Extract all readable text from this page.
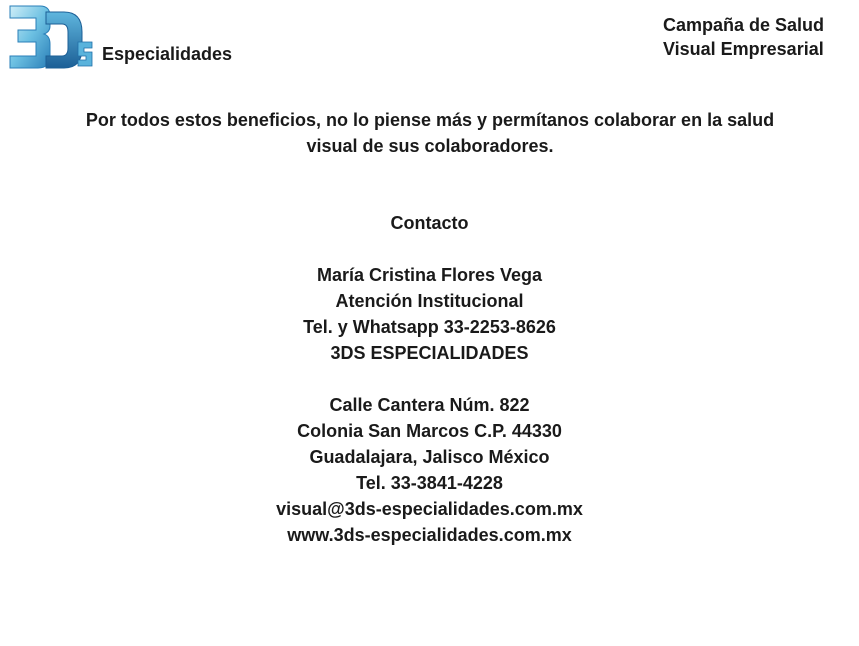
Especialidades
Campaña de Salud
Visual Empresarial
Por todos estos beneficios, no lo piense más y permítanos colaborar en la salud visual de sus colaboradores.
Contacto
María Cristina Flores Vega
Atención Institucional
Tel. y Whatsapp 33-2253-8626
3DS ESPECIALIDADES
Calle Cantera Núm. 822
Colonia San Marcos C.P. 44330
Guadalajara, Jalisco México
Tel. 33-3841-4228
visual@3ds-especialidades.com.mx
www.3ds-especialidades.com.mx
